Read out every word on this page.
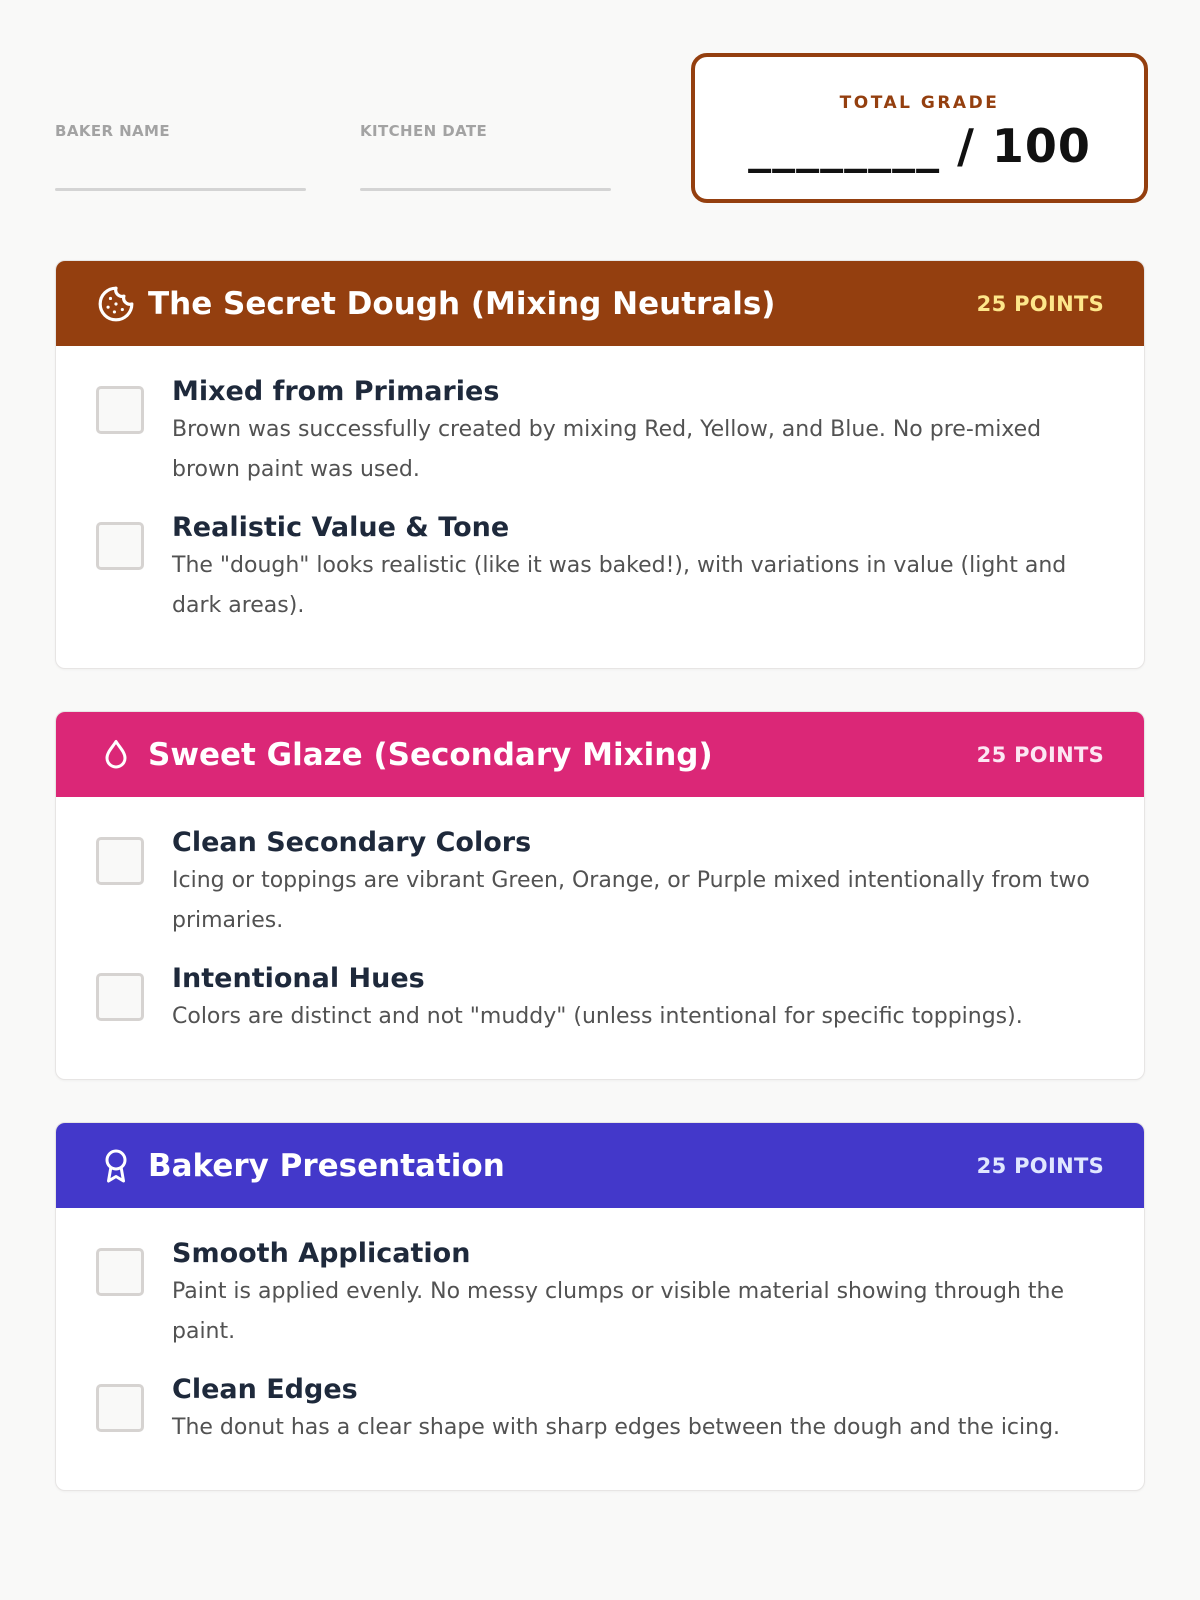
BAKER NAME	KITCHEN DATE
TOTAL GRADE
________ / 100
The Secret Dough (Mixing Neutrals)	25 POINTS
Mixed from Primaries
Brown was successfully created by mixing Red, Yellow, and Blue. No pre-mixed brown paint was used.
Realistic Value & Tone
The "dough" looks realistic (like it was baked!), with variations in value (light and dark areas).
Sweet Glaze (Secondary Mixing)	25 POINTS
Clean Secondary Colors
Icing or toppings are vibrant Green, Orange, or Purple mixed intentionally from two primaries.
Intentional Hues
Colors are distinct and not "muddy" (unless intentional for specific toppings).
Bakery Presentation	25 POINTS
Smooth Application
Paint is applied evenly. No messy clumps or visible material showing through the paint.
Clean Edges
The donut has a clear shape with sharp edges between the dough and the icing.
